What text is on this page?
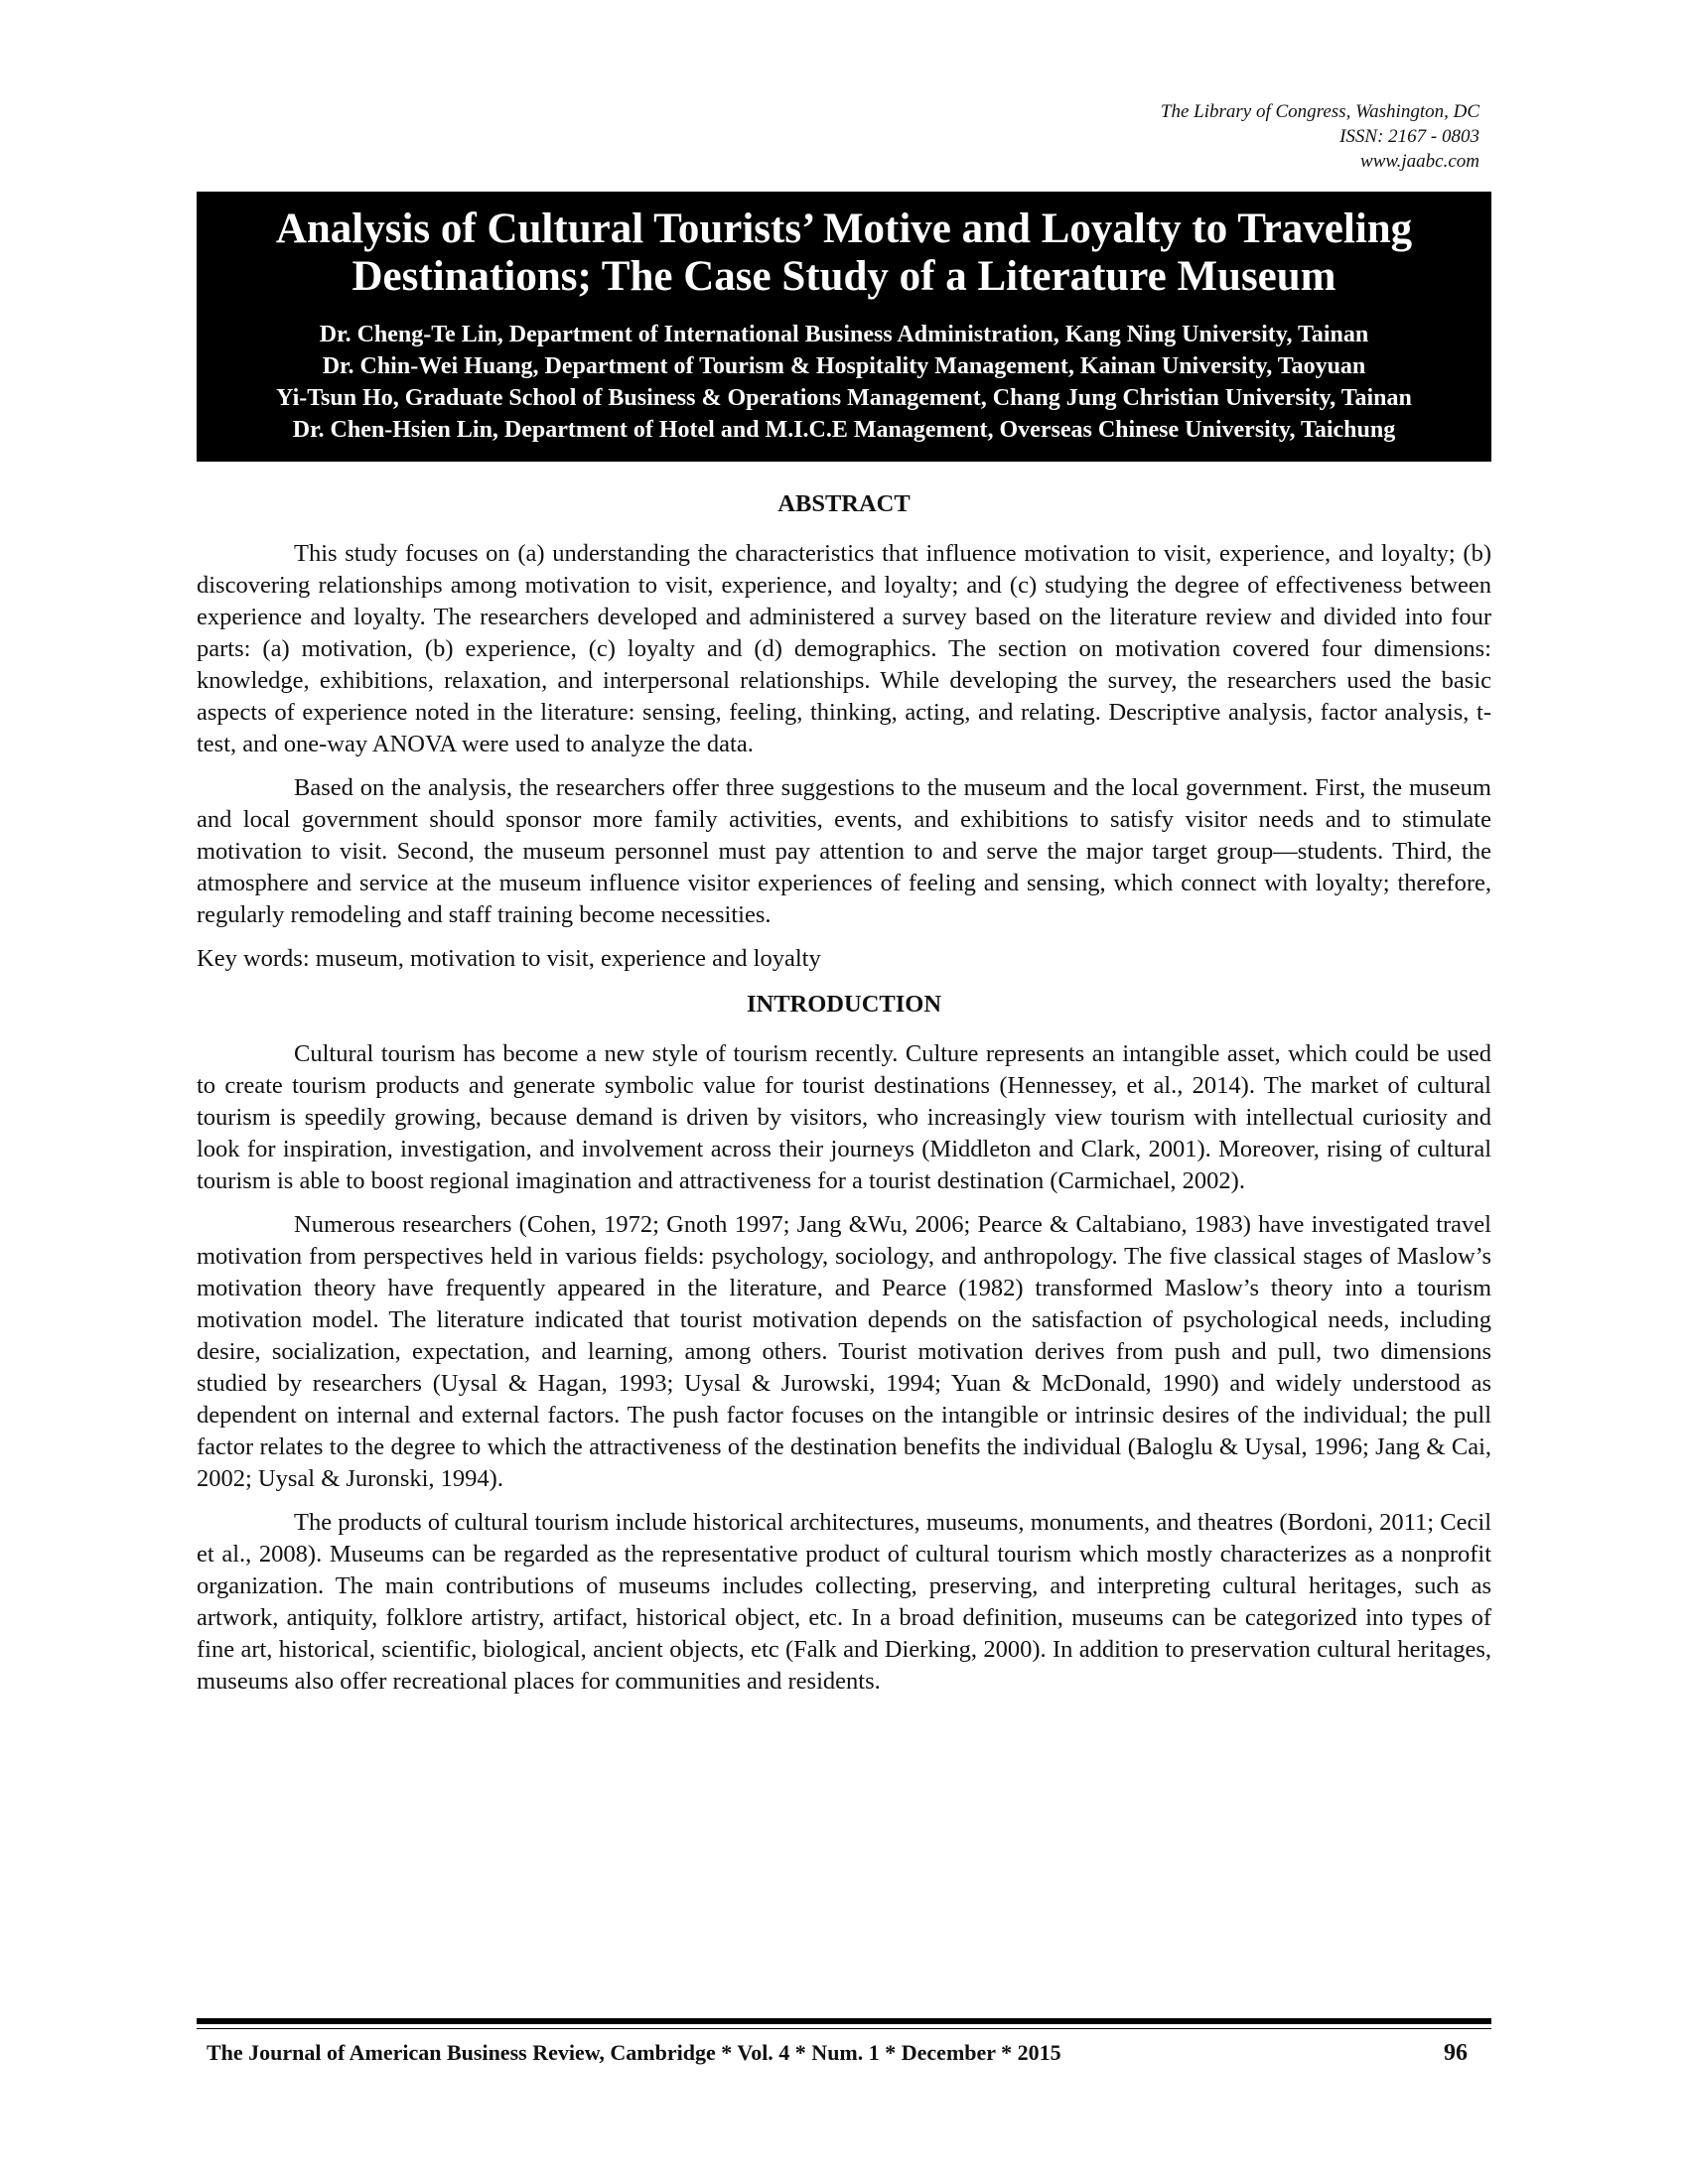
The Library of Congress, Washington, DC
ISSN: 2167 - 0803
www.jaabc.com
Analysis of Cultural Tourists’ Motive and Loyalty to Traveling
Destinations; The Case Study of a Literature Museum
Dr. Cheng-Te Lin, Department of International Business Administration, Kang Ning University, Tainan
Dr. Chin-Wei Huang, Department of Tourism & Hospitality Management, Kainan University, Taoyuan
Yi-Tsun Ho, Graduate School of Business & Operations Management, Chang Jung Christian University, Tainan
Dr. Chen-Hsien Lin, Department of Hotel and M.I.C.E Management, Overseas Chinese University, Taichung
ABSTRACT

This study focuses on (a) understanding the characteristics that influence motivation to visit, experience, and loyalty; (b) discovering relationships among motivation to visit, experience, and loyalty; and (c) studying the degree of effectiveness between experience and loyalty. The researchers developed and administered a survey based on the literature review and divided into four parts: (a) motivation, (b) experience, (c) loyalty and (d) demographics. The section on motivation covered four dimensions: knowledge, exhibitions, relaxation, and interpersonal relationships. While developing the survey, the researchers used the basic aspects of experience noted in the literature: sensing, feeling, thinking, acting, and relating. Descriptive analysis, factor analysis, t-test, and one-way ANOVA were used to analyze the data.

Based on the analysis, the researchers offer three suggestions to the museum and the local government. First, the museum and local government should sponsor more family activities, events, and exhibitions to satisfy visitor needs and to stimulate motivation to visit. Second, the museum personnel must pay attention to and serve the major target group—students. Third, the atmosphere and service at the museum influence visitor experiences of feeling and sensing, which connect with loyalty; therefore, regularly remodeling and staff training become necessities.

Key words: museum, motivation to visit, experience and loyalty

INTRODUCTION

Cultural tourism has become a new style of tourism recently. Culture represents an intangible asset, which could be used to create tourism products and generate symbolic value for tourist destinations (Hennessey, et al., 2014). The market of cultural tourism is speedily growing, because demand is driven by visitors, who increasingly view tourism with intellectual curiosity and look for inspiration, investigation, and involvement across their journeys (Middleton and Clark, 2001). Moreover, rising of cultural tourism is able to boost regional imagination and attractiveness for a tourist destination (Carmichael, 2002).

Numerous researchers (Cohen, 1972; Gnoth 1997; Jang &Wu, 2006; Pearce & Caltabiano, 1983) have investigated travel motivation from perspectives held in various fields: psychology, sociology, and anthropology. The five classical stages of Maslow’s motivation theory have frequently appeared in the literature, and Pearce (1982) transformed Maslow’s theory into a tourism motivation model. The literature indicated that tourist motivation depends on the satisfaction of psychological needs, including desire, socialization, expectation, and learning, among others. Tourist motivation derives from push and pull, two dimensions studied by researchers (Uysal & Hagan, 1993; Uysal & Jurowski, 1994; Yuan & McDonald, 1990) and widely understood as dependent on internal and external factors. The push factor focuses on the intangible or intrinsic desires of the individual; the pull factor relates to the degree to which the attractiveness of the destination benefits the individual (Baloglu & Uysal, 1996; Jang & Cai, 2002; Uysal & Juronski, 1994).

The products of cultural tourism include historical architectures, museums, monuments, and theatres (Bordoni, 2011; Cecil et al., 2008). Museums can be regarded as the representative product of cultural tourism which mostly characterizes as a nonprofit organization. The main contributions of museums includes collecting, preserving, and interpreting cultural heritages, such as artwork, antiquity, folklore artistry, artifact, historical object, etc. In a broad definition, museums can be categorized into types of fine art, historical, scientific, biological, ancient objects, etc (Falk and Dierking, 2000). In addition to preservation cultural heritages, museums also offer recreational places for communities and residents.

The Journal of American Business Review, Cambridge * Vol. 4 * Num. 1 * December * 2015	96
